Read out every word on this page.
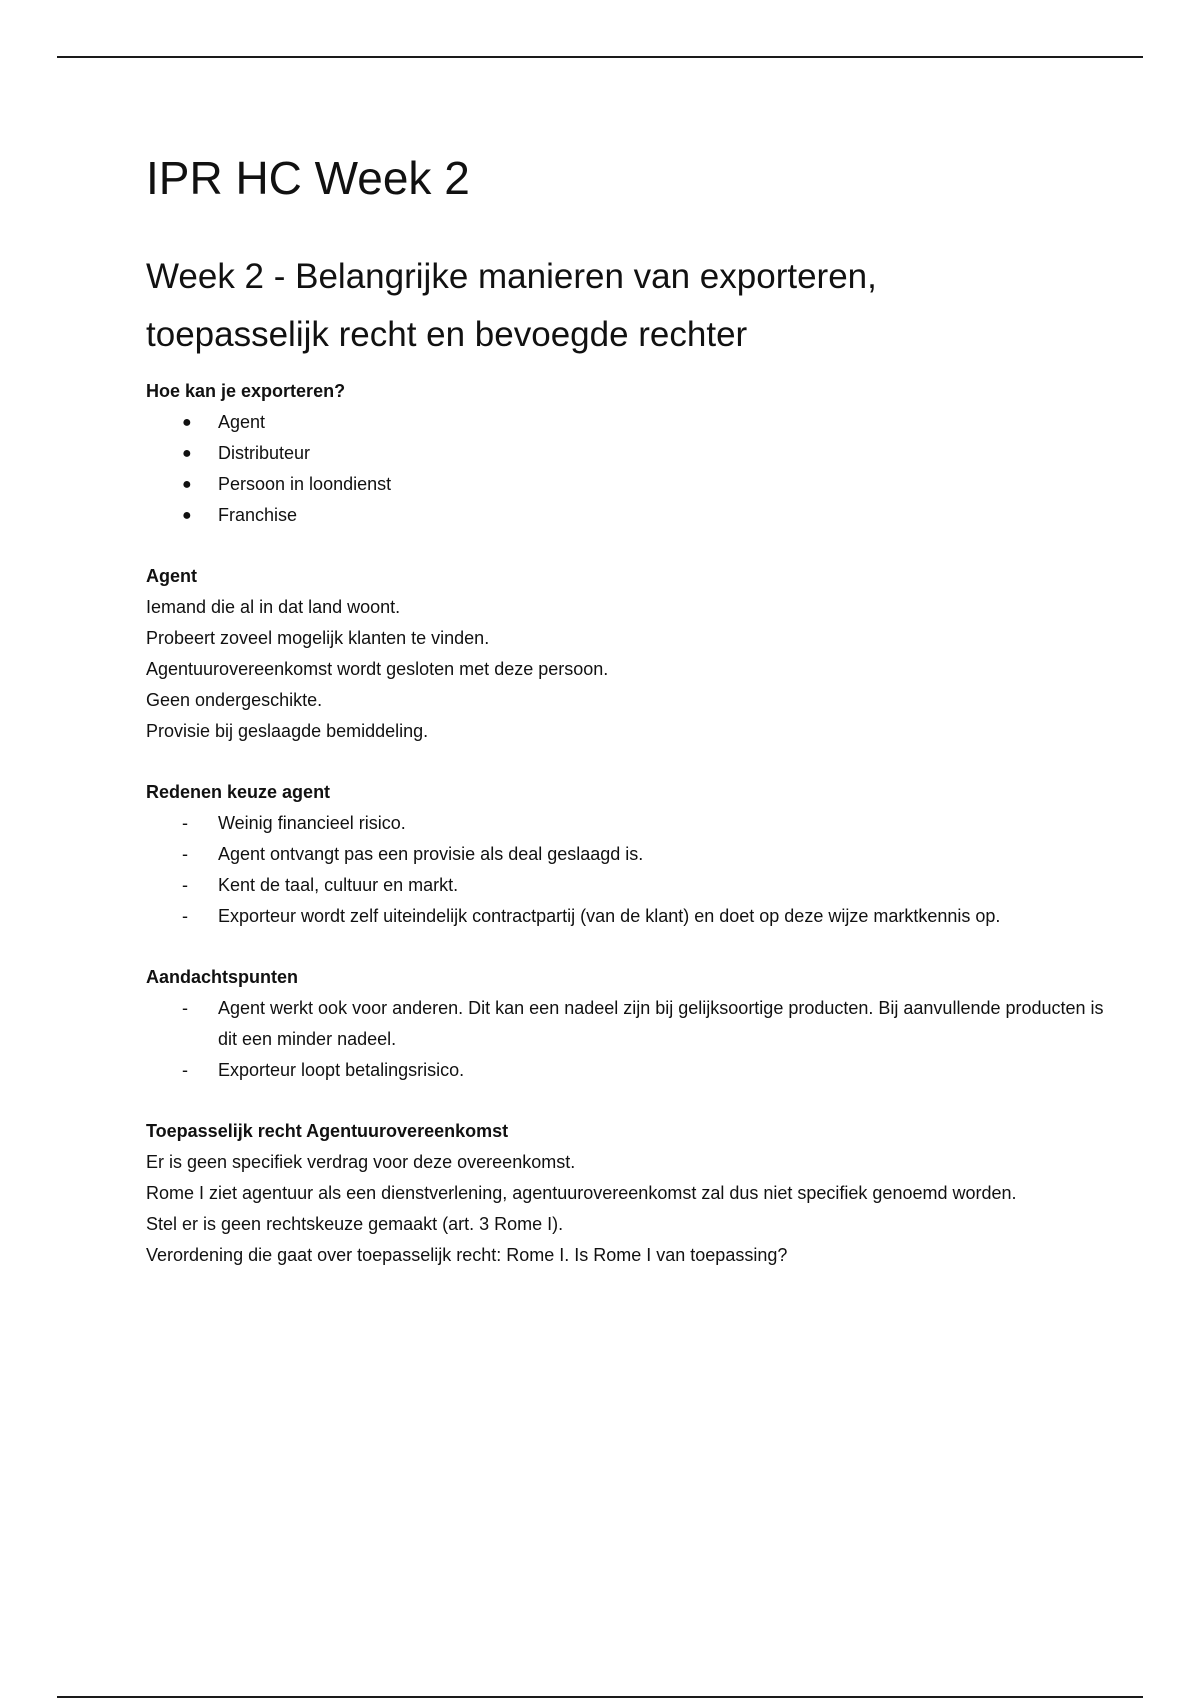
IPR HC Week 2
Week 2 - Belangrijke manieren van exporteren,
toepasselijk recht en bevoegde rechter

Hoe kan je exporteren?

● Agent
● Distributeur
● Persoon in loondienst
● Franchise

Agent

Iemand die al in dat land woont.

Probeert zoveel mogelijk klanten te vinden.

Agentuurovereenkomst wordt gesloten met deze persoon.

Geen ondergeschikte.

Provisie bij geslaagde bemiddeling.

Redenen keuze agent

- Weinig financieel risico.
- Agent ontvangt pas een provisie als deal geslaagd is.
- Kent de taal, cultuur en markt.
- Exporteur wordt zelf uiteindelijk contractpartij (van de klant) en doet op deze wijze marktkennis op.

Aandachtspunten

- Agent werkt ook voor anderen. Dit kan een nadeel zijn bij gelijksoortige producten. Bij aanvullende producten is dit een minder nadeel.
- Exporteur loopt betalingsrisico.

Toepasselijk recht Agentuurovereenkomst

Er is geen specifiek verdrag voor deze overeenkomst.

Rome I ziet agentuur als een dienstverlening, agentuurovereenkomst zal dus niet specifiek genoemd worden.

Stel er is geen rechtskeuze gemaakt (art. 3 Rome I).

Verordening die gaat over toepasselijk recht: Rome I. Is Rome I van toepassing?
